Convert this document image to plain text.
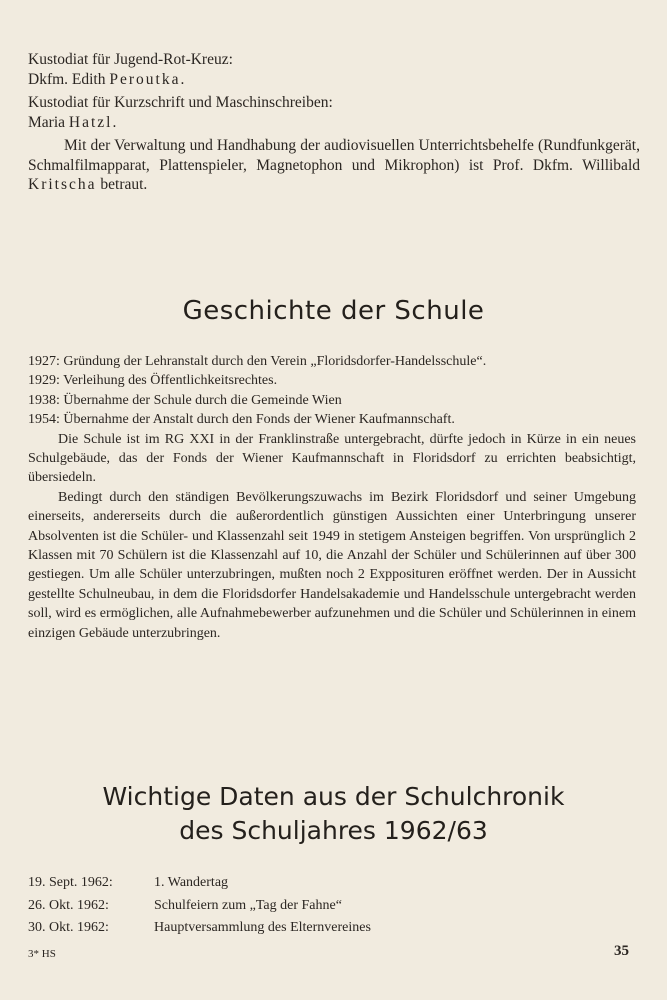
Kustodiat für Jugend-Rot-Kreuz:

Dkfm. Edith Peroutka.

Kustodiat für Kurzschrift und Maschinschreiben:

Maria Hatzl.

Mit der Verwaltung und Handhabung der audiovisuellen Unterrichtsbehelfe (Rundfunkgerät, Schmalfilmapparat, Plattenspieler, Magnetophon und Mikrophon) ist Prof. Dkfm. Willibald Kritscha betraut.

Geschichte der Schule

1927: Gründung der Lehranstalt durch den Verein „Floridsdorfer-Handelsschule“.

1929: Verleihung des Öffentlichkeitsrechtes.

1938: Übernahme der Schule durch die Gemeinde Wien

1954: Übernahme der Anstalt durch den Fonds der Wiener Kaufmannschaft.

Die Schule ist im RG XXI in der Franklinstraße untergebracht, dürfte jedoch in Kürze in ein neues Schulgebäude, das der Fonds der Wiener Kaufmannschaft in Floridsdorf zu errichten beabsichtigt, übersiedeln.

Bedingt durch den ständigen Bevölkerungszuwachs im Bezirk Floridsdorf und seiner Umgebung einerseits, andererseits durch die außerordentlich günstigen Aussichten einer Unterbringung unserer Absolventen ist die Schüler- und Klassenzahl seit 1949 in stetigem Ansteigen begriffen. Von ursprünglich 2 Klassen mit 70 Schülern ist die Klassenzahl auf 10, die Anzahl der Schüler und Schülerinnen auf über 300 gestiegen. Um alle Schüler unterzubringen, mußten noch 2 Expposituren eröffnet werden. Der in Aussicht gestellte Schulneubau, in dem die Floridsdorfer Handelsakademie und Handelsschule untergebracht werden soll, wird es ermöglichen, alle Aufnahmebewerber aufzunehmen und die Schüler und Schülerinnen in einem einzigen Gebäude unterzubringen.

Wichtige Daten aus der Schulchronik
des Schuljahres 1962/63
19. Sept. 1962:	1. Wandertag
26. Okt. 1962:	Schulfeiern zum „Tag der Fahne“
30. Okt. 1962:	Hauptversammlung des Elternvereines
3* HS	35
